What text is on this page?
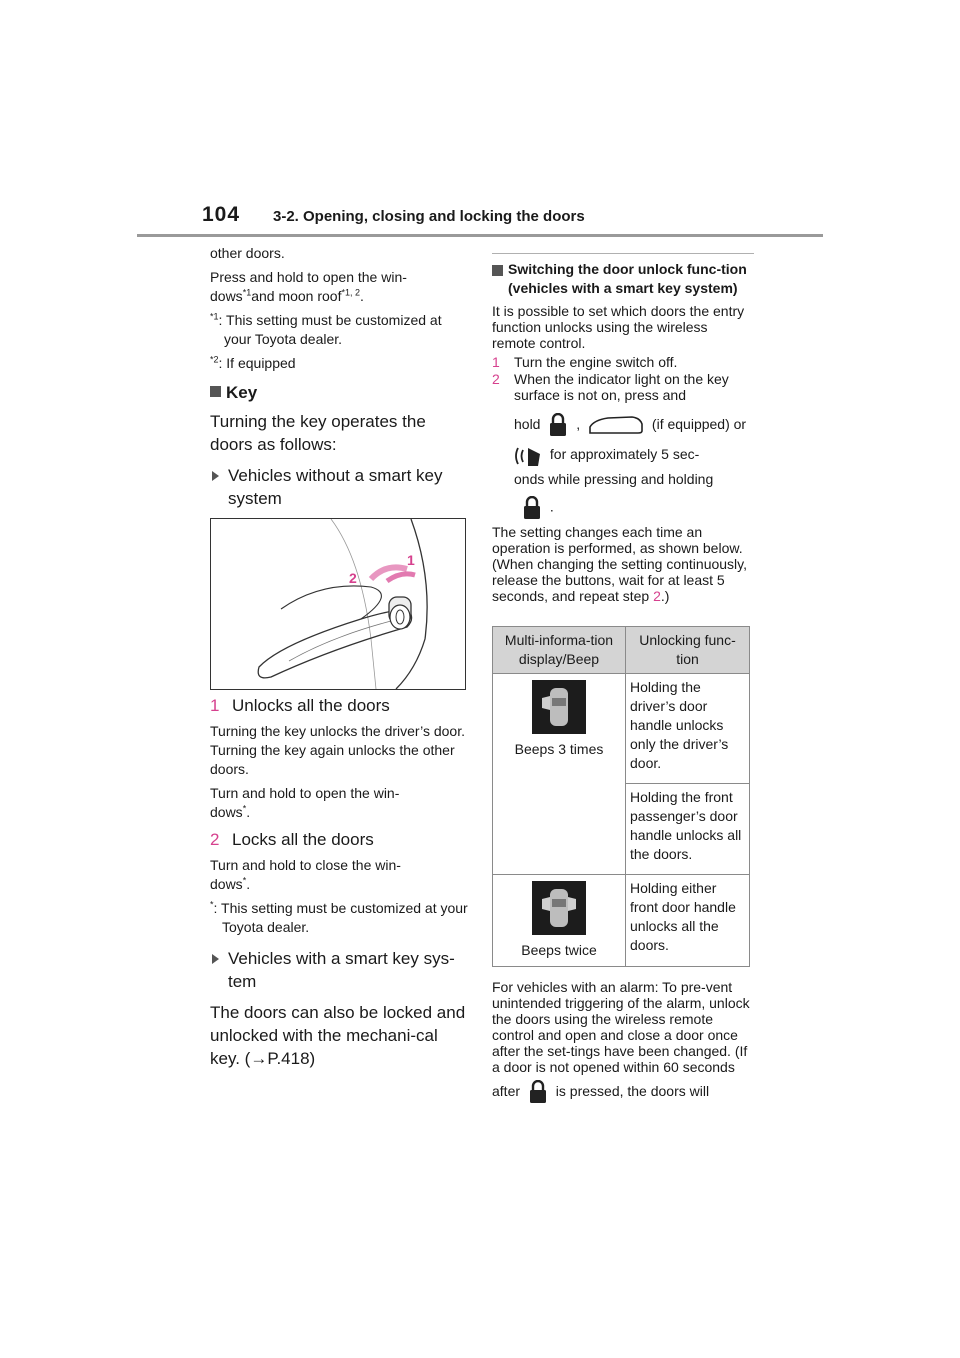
104 3-2. Opening, closing and locking the doors

other doors.

Press and hold to open the win-
dows$^{*1}$and moon roof$^{*1, 2}$.

$^{*1}$: This setting must be customized at your Toyota dealer.

$^{*2}$: If equipped

Key

Turning the key operates the doors as follows:

Vehicles without a smart key system

1
2

1 Unlocks all the doors

Turning the key unlocks the driver’s door. Turning the key again unlocks the other doors.

Turn and hold to open the win-
dows*.

2 Locks all the doors

Turn and hold to close the win-
dows*.

*: This setting must be customized at your Toyota dealer.

Vehicles with a smart key sys-tem

The doors can also be locked and unlocked with the mechani-cal key. (→P.418)

Switching the door unlock func-tion (vehicles with a smart key system)

It is possible to set which doors the entry function unlocks using the wireless remote control.

1	Turn the engine switch off.

2	When the indicator light on the key surface is not on, press and
hold	,	(if equipped) or
for approximately 5 sec-
onds while pressing and holding
.

The setting changes each time an operation is performed, as shown below. (When changing the setting continuously, release the buttons, wait for at least 5 seconds, and repeat step 2.)

Multi-informa-tion display/Beep	Unlocking func-tion

Beeps 3 times	Holding the driver’s door handle unlocks only the driver’s door.
	Holding the front passenger’s door handle unlocks all the doors.

Beeps twice	Holding either front door handle unlocks all the doors.

For vehicles with an alarm: To pre-vent unintended triggering of the alarm, unlock the doors using the wireless remote control and open and close a door once after the set-tings have been changed. (If a door is not opened within 60 seconds

after	is pressed, the doors will
